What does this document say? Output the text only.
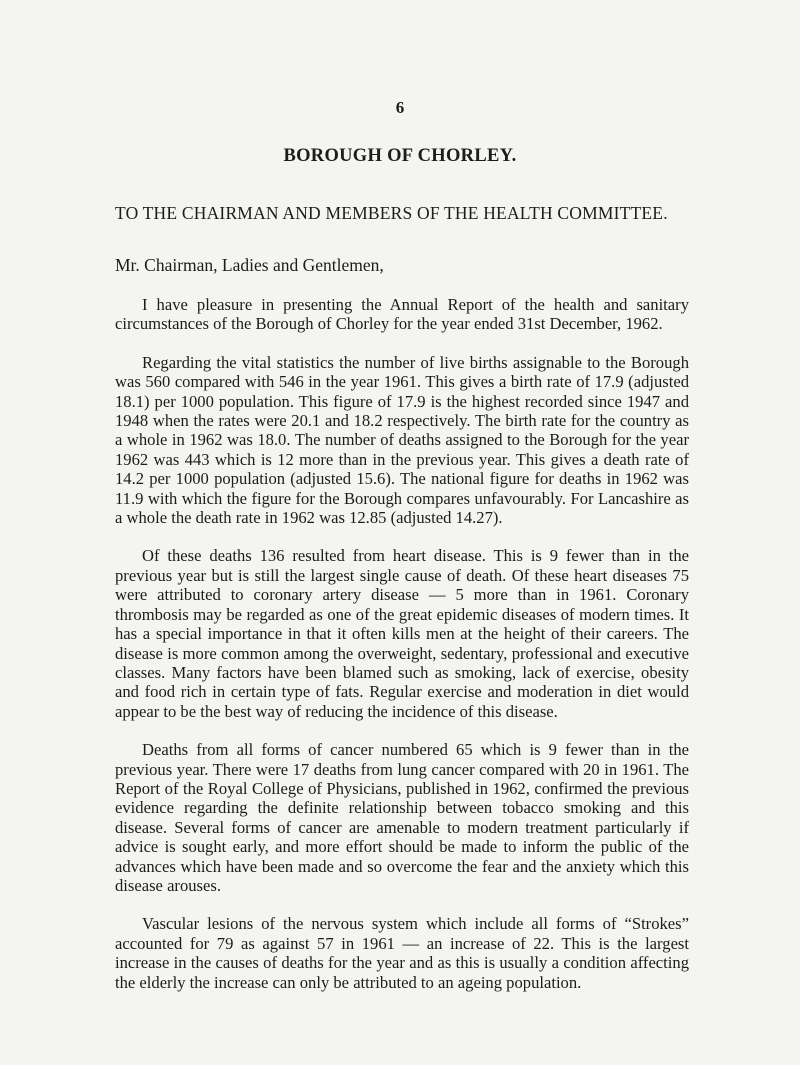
6
BOROUGH OF CHORLEY.
TO THE CHAIRMAN AND MEMBERS OF THE HEALTH COMMITTEE.
Mr. Chairman, Ladies and Gentlemen,

I have pleasure in presenting the Annual Report of the health and sanitary circumstances of the Borough of Chorley for the year ended 31st December, 1962.

Regarding the vital statistics the number of live births assignable to the Borough was 560 compared with 546 in the year 1961. This gives a birth rate of 17.9 (adjusted 18.1) per 1000 population. This figure of 17.9 is the highest recorded since 1947 and 1948 when the rates were 20.1 and 18.2 respectively. The birth rate for the country as a whole in 1962 was 18.0. The number of deaths assigned to the Borough for the year 1962 was 443 which is 12 more than in the previous year. This gives a death rate of 14.2 per 1000 population (adjusted 15.6). The national figure for deaths in 1962 was 11.9 with which the figure for the Borough compares unfavourably. For Lancashire as a whole the death rate in 1962 was 12.85 (adjusted 14.27).

Of these deaths 136 resulted from heart disease. This is 9 fewer than in the previous year but is still the largest single cause of death. Of these heart diseases 75 were attributed to coronary artery disease — 5 more than in 1961. Coronary thrombosis may be regarded as one of the great epidemic diseases of modern times. It has a special importance in that it often kills men at the height of their careers. The disease is more common among the overweight, sedentary, professional and executive classes. Many factors have been blamed such as smoking, lack of exercise, obesity and food rich in certain type of fats. Regular exercise and moderation in diet would appear to be the best way of reducing the incidence of this disease.

Deaths from all forms of cancer numbered 65 which is 9 fewer than in the previous year. There were 17 deaths from lung cancer compared with 20 in 1961. The Report of the Royal College of Physicians, published in 1962, confirmed the previous evidence regarding the definite relationship between tobacco smoking and this disease. Several forms of cancer are amenable to modern treatment particularly if advice is sought early, and more effort should be made to inform the public of the advances which have been made and so overcome the fear and the anxiety which this disease arouses.

Vascular lesions of the nervous system which include all forms of “Strokes” accounted for 79 as against 57 in 1961 — an increase of 22. This is the largest increase in the causes of deaths for the year and as this is usually a condition affecting the elderly the increase can only be attributed to an ageing population.
